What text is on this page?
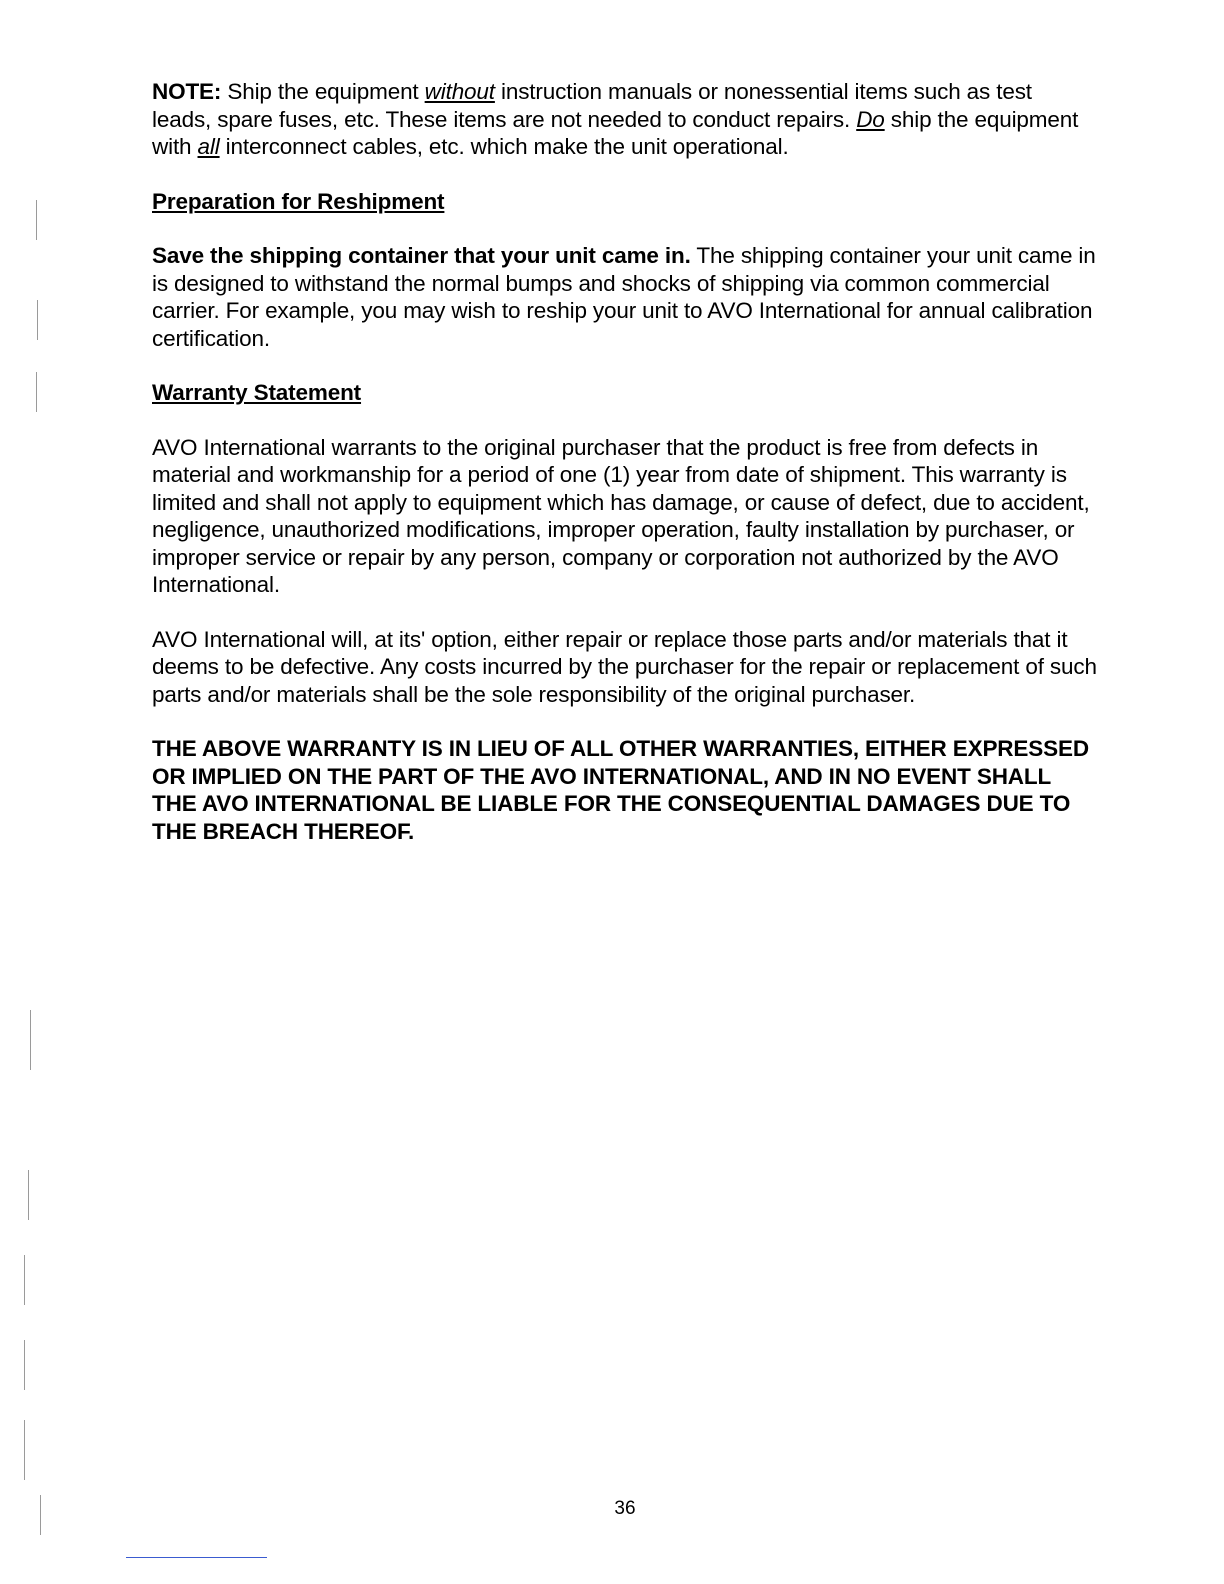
NOTE: Ship the equipment without instruction manuals or nonessential items such as test leads, spare fuses, etc. These items are not needed to conduct repairs. Do ship the equipment with all interconnect cables, etc. which make the unit operational.

Preparation for Reshipment

Save the shipping container that your unit came in. The shipping container your unit came in is designed to withstand the normal bumps and shocks of shipping via common commercial carrier. For example, you may wish to reship your unit to AVO International for annual calibration certification.

Warranty Statement

AVO International warrants to the original purchaser that the product is free from defects in material and workmanship for a period of one (1) year from date of shipment. This warranty is limited and shall not apply to equipment which has damage, or cause of defect, due to accident, negligence, unauthorized modifications, improper operation, faulty installation by purchaser, or improper service or repair by any person, company or corporation not authorized by the AVO International.

AVO International will, at its' option, either repair or replace those parts and/or materials that it deems to be defective. Any costs incurred by the purchaser for the repair or replacement of such parts and/or materials shall be the sole responsibility of the original purchaser.

THE ABOVE WARRANTY IS IN LIEU OF ALL OTHER WARRANTIES, EITHER EXPRESSED OR IMPLIED ON THE PART OF THE AVO INTERNATIONAL, AND IN NO EVENT SHALL THE AVO INTERNATIONAL BE LIABLE FOR THE CONSEQUENTIAL DAMAGES DUE TO THE BREACH THEREOF.

36
